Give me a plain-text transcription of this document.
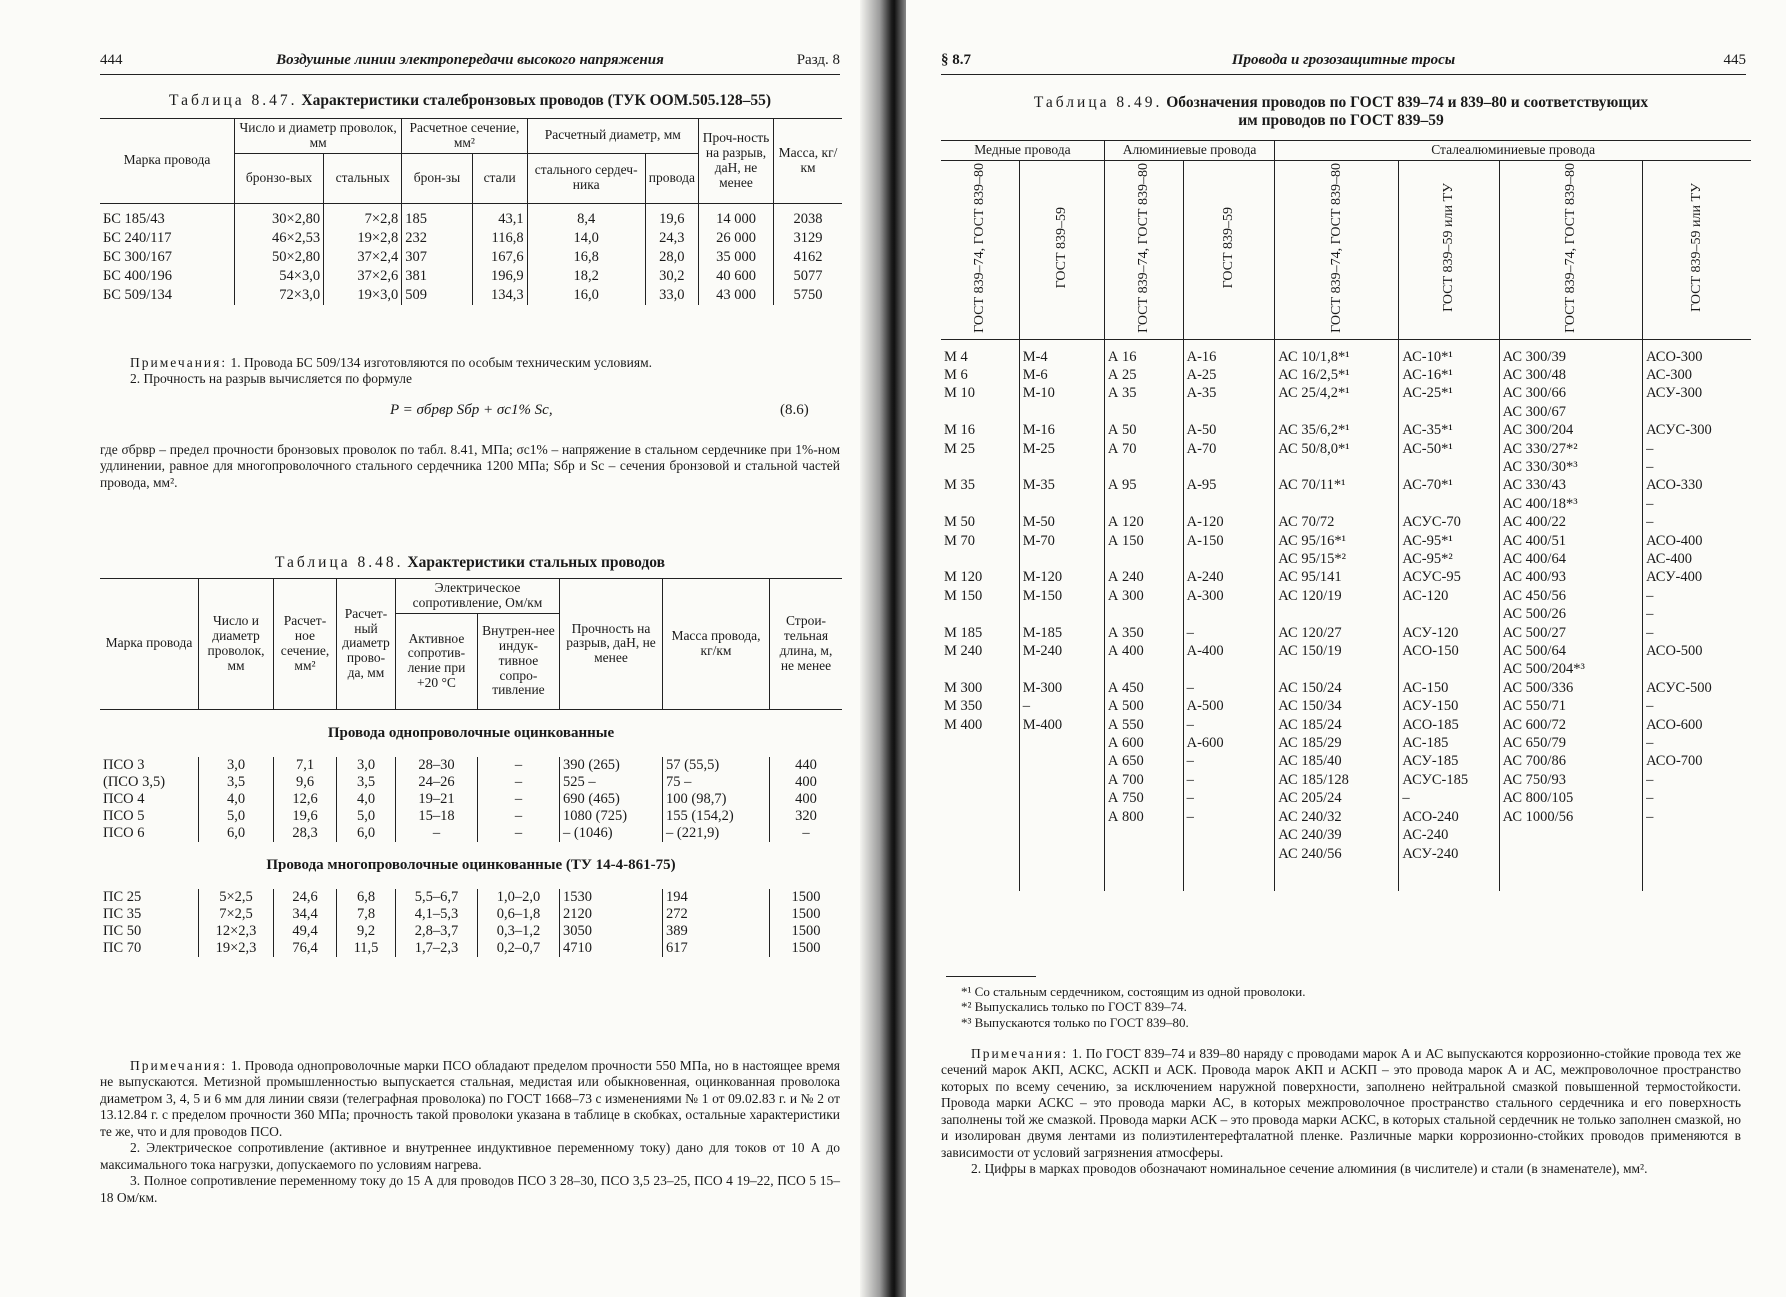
444	Воздушные линии электропередачи высокого напряжения	Разд. 8
Таблица 8.47. Характеристики сталебронзовых проводов (ТУК ООМ.505.128–55)
Марка провода	Число и диаметр проволок, мм		Расчетное сечение, мм²		Расчетный диаметр, мм		Проч-ность на разрыв, даН, не менее	Масса, кг/км
	бронзо-вых	стальных	брон-зы	стали	стального сердеч-ника	провода		
БС 185/43	30×2,80	7×2,8	185	43,1	8,4	19,6	14 000	2038
БС 240/117	46×2,53	19×2,8	232	116,8	14,0	24,3	26 000	3129
БС 300/167	50×2,80	37×2,4	307	167,6	16,8	28,0	35 000	4162
БС 400/196	54×3,0	37×2,6	381	196,9	18,2	30,2	40 600	5077
БС 509/134	72×3,0	19×3,0	509	134,3	16,0	33,0	43 000	5750
Примечания: 1. Провода БС 509/134 изготовляются по особым техническим условиям.
2. Прочность на разрыв вычисляется по формуле
P = σбрвр Sбр + σс1% Sс,	(8.6)
где σбрвр – предел прочности бронзовых проволок по табл. 8.41, МПа; σс1% – напряжение в стальном сердечнике при 1%-ном удлинении, равное для многопроволочного стального сердечника 1200 МПа; Sбр и Sс – сечения бронзовой и стальной частей провода, мм².
Таблица 8.48. Характеристики стальных проводов
Марка провода	Число и диаметр проволок, мм	Расчет-ное сечение, мм²	Расчет-ный диаметр прово-да, мм	Электрическое сопротивление, Ом/км		Прочность на разрыв, даН, не менее	Масса провода, кг/км	Строи-тельная длина, м, не менее
				Активное сопротив-ление при +20 °С	Внутрен-нее индук-тивное сопро-тивление			
Провода однопроволочные оцинкованные								
ПСО 3	3,0	7,1	3,0	28–30	–	390 (265)	57 (55,5)	440
(ПСО 3,5)	3,5	9,6	3,5	24–26	–	525 –	75 –	400
ПСО 4	4,0	12,6	4,0	19–21	–	690 (465)	100 (98,7)	400
ПСО 5	5,0	19,6	5,0	15–18	–	1080 (725)	155 (154,2)	320
ПСО 6	6,0	28,3	6,0	–	–	– (1046)	– (221,9)	–
Провода многопроволочные оцинкованные (ТУ 14-4-861-75)								
ПС 25	5×2,5	24,6	6,8	5,5–6,7	1,0–2,0	1530	194	1500
ПС 35	7×2,5	34,4	7,8	4,1–5,3	0,6–1,8	2120	272	1500
ПС 50	12×2,3	49,4	9,2	2,8–3,7	0,3–1,2	3050	389	1500
ПС 70	19×2,3	76,4	11,5	1,7–2,3	0,2–0,7	4710	617	1500
Примечания: 1. Провода однопроволочные марки ПСО обладают пределом прочности 550 МПа, но в настоящее время не выпускаются. Метизной промышленностью выпускается стальная, медистая или обыкновенная, оцинкованная проволока диаметром 3, 4, 5 и 6 мм для линии связи (телеграфная проволока) по ГОСТ 1668–73 с изменениями № 1 от 09.02.83 г. и № 2 от 13.12.84 г. с пределом прочности 360 МПа; прочность такой проволоки указана в таблице в скобках, остальные характеристики те же, что и для проводов ПСО.
2. Электрическое сопротивление (активное и внутреннее индуктивное переменному току) дано для токов от 10 А до максимального тока нагрузки, допускаемого по условиям нагрева.
3. Полное сопротивление переменному току до 15 А для проводов ПСО 3 28–30, ПСО 3,5 23–25, ПСО 4 19–22, ПСО 5 15–18 Ом/км.
§ 8.7	Провода и грозозащитные тросы	445
Таблица 8.49. Обозначения проводов по ГОСТ 839–74 и 839–80 и соответствующих
им проводов по ГОСТ 839–59
Медные провода		Алюминиевые провода		Сталеалюминиевые провода			
ГОСТ 839–74, ГОСТ 839–80	ГОСТ 839–59	ГОСТ 839–74, ГОСТ 839–80	ГОСТ 839–59	ГОСТ 839–74, ГОСТ 839–80	ГОСТ 839–59 или ТУ	ГОСТ 839–74, ГОСТ 839–80	ГОСТ 839–59 или ТУ
М 4	М-4	А 16	А-16	АС 10/1,8*¹	АС-10*¹	АС 300/39	АСО-300
М 6	М-6	А 25	А-25	АС 16/2,5*¹	АС-16*¹	АС 300/48	АС-300
М 10	М-10	А 35	А-35	АС 25/4,2*¹	АС-25*¹	АС 300/66	АСУ-300
						АС 300/67	
М 16	М-16	А 50	А-50	АС 35/6,2*¹	АС-35*¹	АС 300/204	АСУС-300
М 25	М-25	А 70	А-70	АС 50/8,0*¹	АС-50*¹	АС 330/27*²	–
						АС 330/30*³	–
М 35	М-35	А 95	А-95	АС 70/11*¹	АС-70*¹	АС 330/43	АСО-330
						АС 400/18*³	–
М 50	М-50	А 120	А-120	АС 70/72	АСУС-70	АС 400/22	–
М 70	М-70	А 150	А-150	АС 95/16*¹	АС-95*¹	АС 400/51	АСО-400
				АС 95/15*²	АС-95*²	АС 400/64	АС-400
М 120	М-120	А 240	А-240	АС 95/141	АСУС-95	АС 400/93	АСУ-400
М 150	М-150	А 300	А-300	АС 120/19	АС-120	АС 450/56	–
						АС 500/26	–
М 185	М-185	А 350	–	АС 120/27	АСУ-120	АС 500/27	–
М 240	М-240	А 400	А-400	АС 150/19	АСО-150	АС 500/64	АСО-500
						АС 500/204*³	
М 300	М-300	А 450	–	АС 150/24	АС-150	АС 500/336	АСУС-500
М 350	–	А 500	А-500	АС 150/34	АСУ-150	АС 550/71	–
М 400	М-400	А 550	–	АС 185/24	АСО-185	АС 600/72	АСО-600
		А 600	А-600	АС 185/29	АС-185	АС 650/79	–
		А 650	–	АС 185/40	АСУ-185	АС 700/86	АСО-700
		А 700	–	АС 185/128	АСУС-185	АС 750/93	–
		А 750	–	АС 205/24	–	АС 800/105	–
		А 800	–	АС 240/32	АСО-240	АС 1000/56	–
				АС 240/39	АС-240		
				АС 240/56	АСУ-240		

*¹ Со стальным сердечником, состоящим из одной проволоки.
*² Выпускались только по ГОСТ 839–74.
*³ Выпускаются только по ГОСТ 839–80.
Примечания: 1. По ГОСТ 839–74 и 839–80 наряду с проводами марок А и АС выпускаются коррозионно-стойкие провода тех же сечений марок АКП, АСКС, АСКП и АСК. Провода марок АКП и АСКП – это провода марок А и АС, межпроволочное пространство которых по всему сечению, за исключением наружной поверхности, заполнено нейтральной смазкой повышенной термостойкости. Провода марки АСКС – это провода марки АС, в которых межпроволочное пространство стального сердечника и его поверхность заполнены той же смазкой. Провода марки АСК – это провода марки АСКС, в которых стальной сердечник не только заполнен смазкой, но и изолирован двумя лентами из полиэтилентерефталатной пленке. Различные марки коррозионно-стойких проводов применяются в зависимости от условий загрязнения атмосферы.
2. Цифры в марках проводов обозначают номинальное сечение алюминия (в числителе) и стали (в знаменателе), мм².
